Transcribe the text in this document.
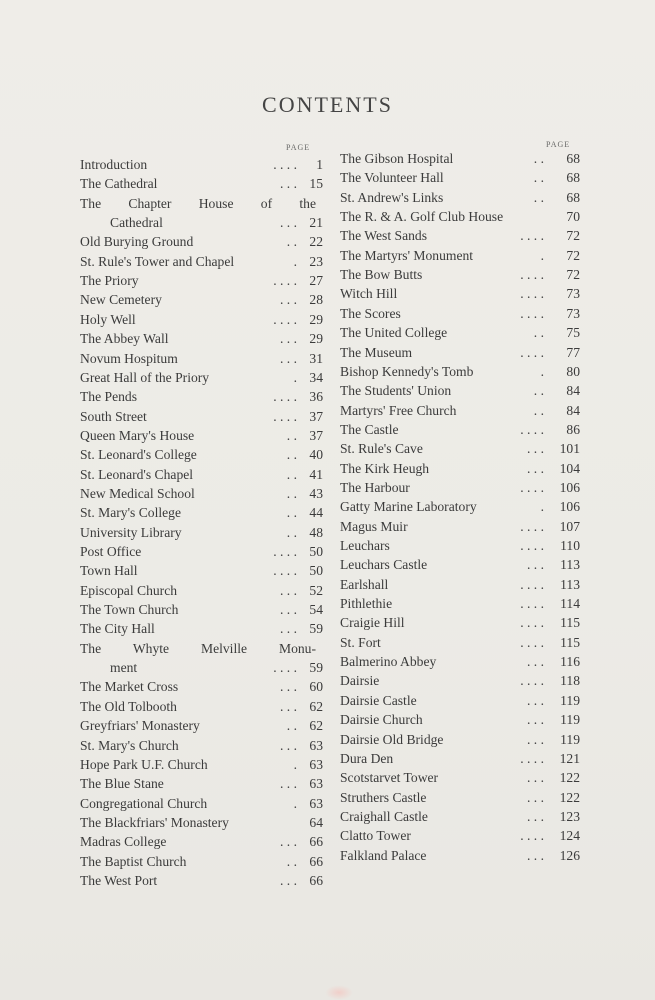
CONTENTS
PAGE
Introduction	. . . . 1
The Cathedral	. . . 15
The Chapter House of the
Cathedral	. . . 21
Old Burying Ground	. . 22
St. Rule's Tower and Chapel	. 23
The Priory	. . . . 27
New Cemetery	. . . 28
Holy Well	. . . . 29
The Abbey Wall	. . . 29
Novum Hospitum	. . . 31
Great Hall of the Priory	. 34
The Pends	. . . . 36
South Street	. . . . 37
Queen Mary's House	. . 37
St. Leonard's College	. . 40
St. Leonard's Chapel	. . 41
New Medical School	. . 43
St. Mary's College	. . 44
University Library	. . 48
Post Office	. . . . 50
Town Hall	. . . . 50
Episcopal Church	. . . 52
The Town Church	. . . 54
The City Hall	. . . 59
The Whyte Melville Monu-
ment	. . . . 59
The Market Cross	. . . 60
The Old Tolbooth	. . . 62
Greyfriars' Monastery	. . 62
St. Mary's Church	. . . 63
Hope Park U.F. Church	. 63
The Blue Stane	. . . 63
Congregational Church	. 63
The Blackfriars' Monastery	64
Madras College	. . . 66
The Baptist Church	. . 66
The West Port	. . . 66
PAGE
The Gibson Hospital	. . 68
The Volunteer Hall	. . 68
St. Andrew's Links	. . 68
The R. & A. Golf Club House	70
The West Sands	. . . . 72
The Martyrs' Monument	. 72
The Bow Butts	. . . . 72
Witch Hill	. . . . 73
The Scores	. . . . 73
The United College	. . 75
The Museum	. . . . 77
Bishop Kennedy's Tomb	. 80
The Students' Union	. . 84
Martyrs' Free Church	. . 84
The Castle	. . . . 86
St. Rule's Cave	. . . 101
The Kirk Heugh	. . . 104
The Harbour	. . . . 106
Gatty Marine Laboratory	. 106
Magus Muir	. . . . 107
Leuchars	. . . . 110
Leuchars Castle	. . . 113
Earlshall	. . . . 113
Pithlethie	. . . . 114
Craigie Hill	. . . . 115
St. Fort	. . . . 115
Balmerino Abbey	. . . 116
Dairsie	. . . . 118
Dairsie Castle	. . . 119
Dairsie Church	. . . 119
Dairsie Old Bridge	. . . 119
Dura Den	. . . . 121
Scotstarvet Tower	. . . 122
Struthers Castle	. . . 122
Craighall Castle	. . . 123
Clatto Tower	. . . . 124
Falkland Palace	. . . 126
